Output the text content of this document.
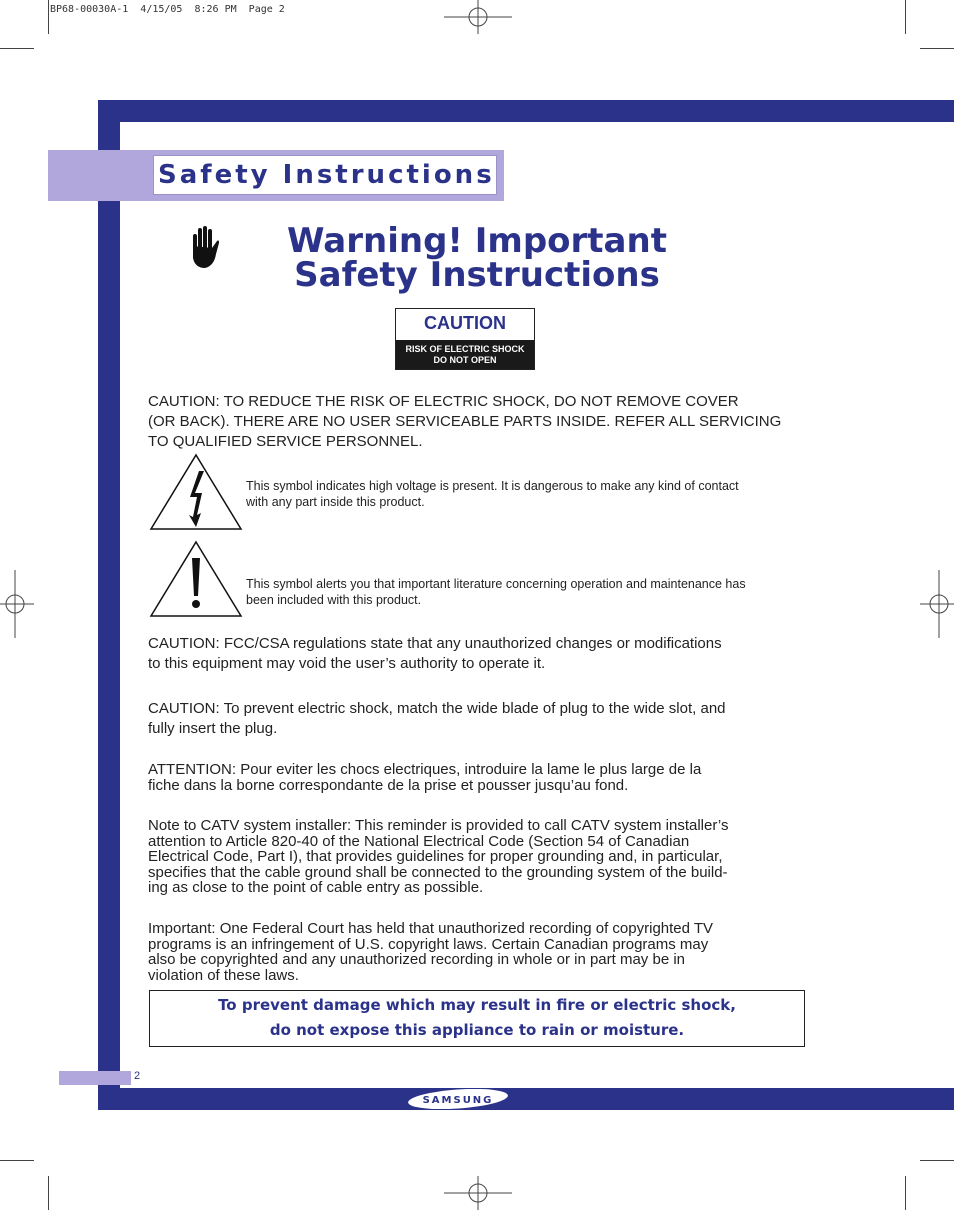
BP68-00030A-1  4/15/05  8:26 PM  Page 2
Safety Instructions
Warning! Important
Safety Instructions
CAUTION
RISK OF ELECTRIC SHOCK
DO NOT OPEN
CAUTION: TO REDUCE THE RISK OF ELECTRIC SHOCK, DO NOT REMOVE COVER
(OR BACK). THERE ARE NO USER SERVICEABLE PARTS INSIDE. REFER ALL SERVICING
TO QUALIFIED SERVICE PERSONNEL.
This symbol indicates high voltage is present. It is dangerous to make any kind of contact
with any part inside this product.
This symbol alerts you that important literature concerning operation and maintenance has
been included with this product.
CAUTION: FCC/CSA regulations state that any unauthorized changes or modifications
to this equipment may void the user’s authority to operate it.
CAUTION: To prevent electric shock, match the wide blade of plug to the wide slot, and
fully insert the plug.
ATTENTION: Pour eviter les chocs electriques, introduire la lame le plus large de la
fiche dans la borne correspondante de la prise et pousser jusqu’au fond.
Note to CATV system installer: This reminder is provided to call CATV system installer’s
attention to Article 820-40 of the National Electrical Code (Section 54 of Canadian
Electrical Code, Part I), that provides guidelines for proper grounding and, in particular,
specifies that the cable ground shall be connected to the grounding system of the build-
ing as close to the point of cable entry as possible.
Important: One Federal Court has held that unauthorized recording of copyrighted TV
programs is an infringement of U.S. copyright laws. Certain Canadian programs may
also be copyrighted and any unauthorized recording in whole or in part may be in
violation of these laws.
To prevent damage which may result in fire or electric shock,
do not expose this appliance to rain or moisture.
2
SAMSUNG
